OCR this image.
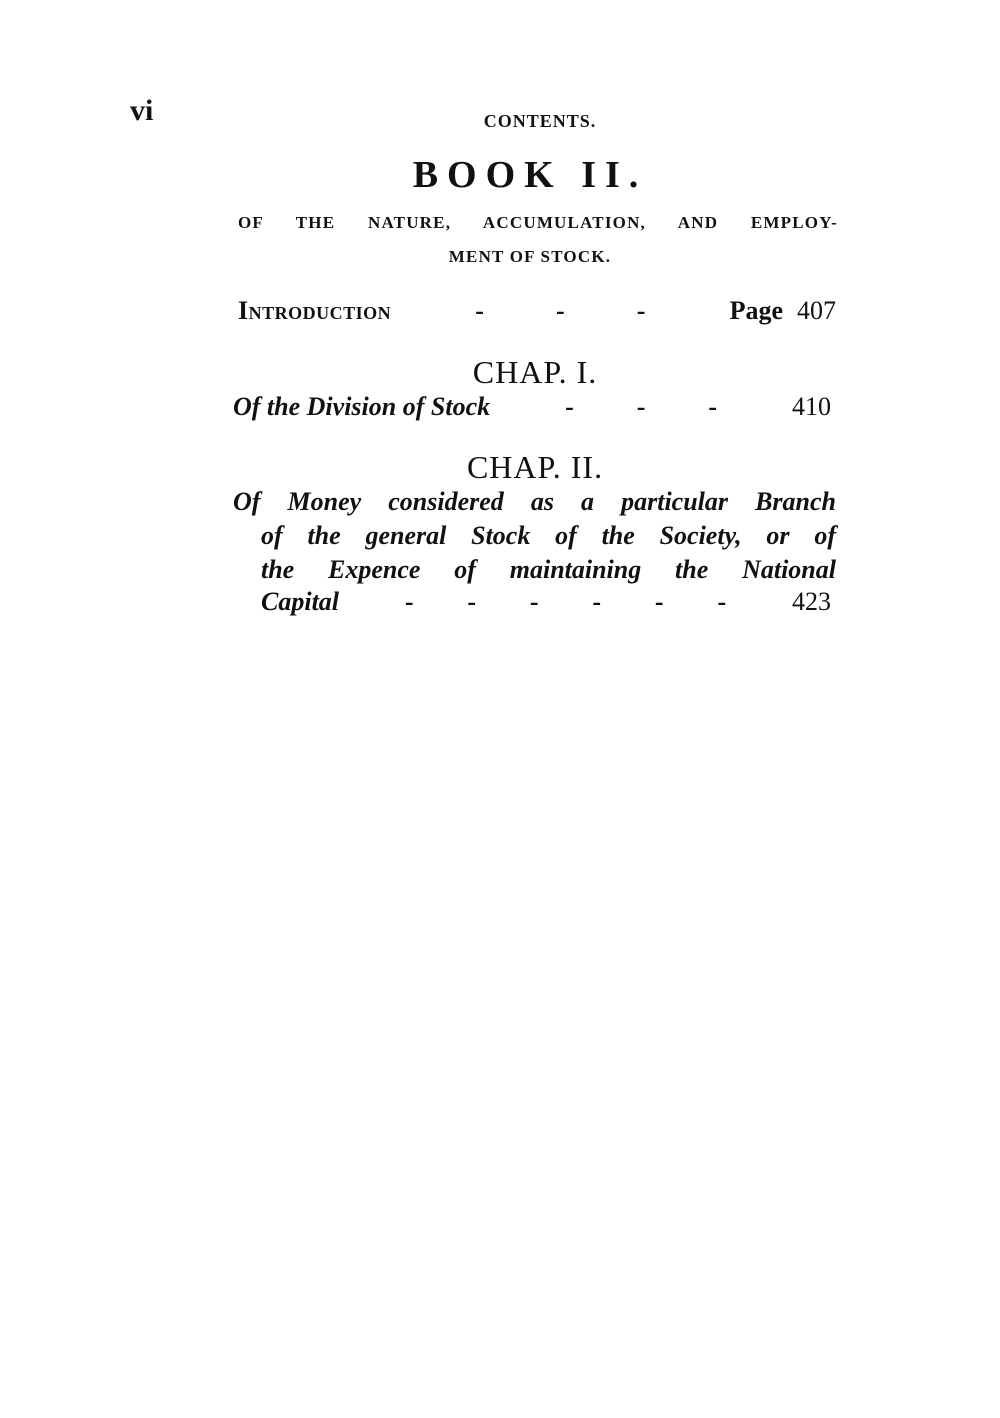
vi	CONTENTS.
BOOK II.
OF THE NATURE, ACCUMULATION, AND EMPLOY-
MENT OF STOCK.
Introduction	-	-	-	Page 407
CHAP. I.
Of the Division of Stock	- - -	410
CHAP. II.
Of Money considered as a particular Branch
of the general Stock of the Society, or of
the Expence of maintaining the National
Capital	- - - - - -	423
